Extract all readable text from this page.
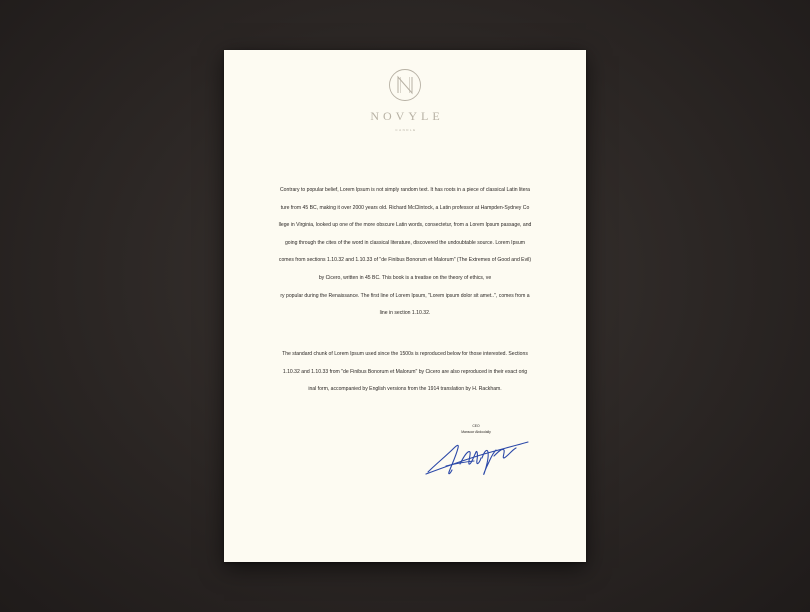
NOVYLE
CANDLE
Contrary to popular belief, Lorem Ipsum is not simply random text. It has roots in a piece of classical Latin litera
ture from 45 BC, making it over 2000 years old. Richard McClintock, a Latin professor at Hampden-Sydney Co
llege in Virginia, looked up one of the more obscure Latin words, consectetur, from a Lorem Ipsum passage, and
going through the cites of the word in classical literature, discovered the undoubtable source. Lorem Ipsum
comes from sections 1.10.32 and 1.10.33 of "de Finibus Bonorum et Malorum" (The Extremes of Good and Evil)
by Cicero, written in 45 BC. This book is a treatise on the theory of ethics, ve
ry popular during the Renaissance. The first line of Lorem Ipsum, "Lorem ipsum dolor sit amet..", comes from a
line in section 1.10.32.
The standard chunk of Lorem Ipsum used since the 1500s is reproduced below for those interested. Sections
1.10.32 and 1.10.33 from "de Finibus Bonorum et Malorum" by Cicero are also reproduced in their exact orig
inal form, accompanied by English versions from the 1914 translation by H. Rackham.
CEO
Mansoor Abdoolally
